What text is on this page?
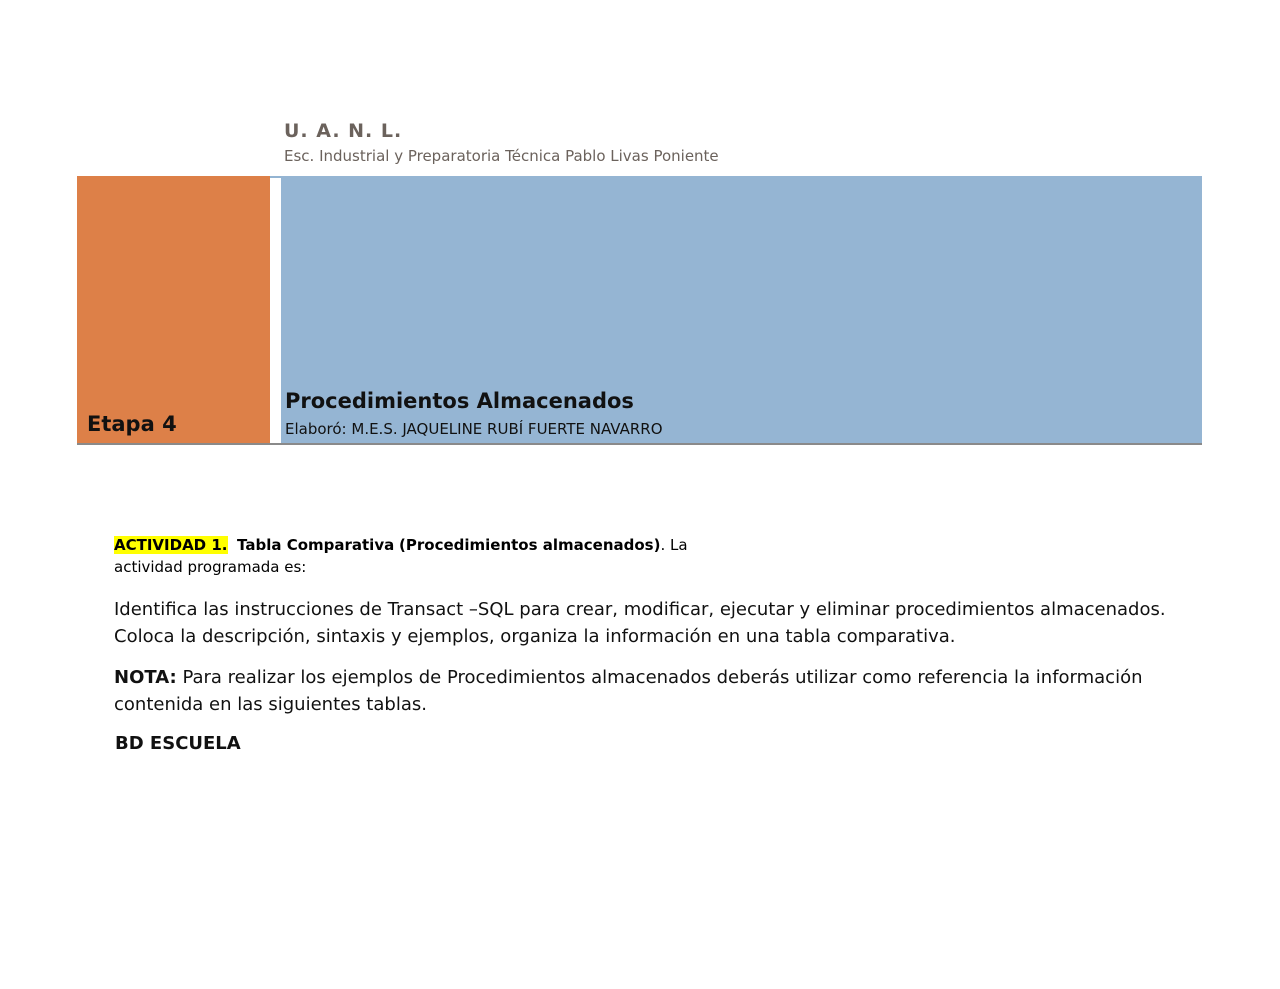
U. A. N. L.
Esc. Industrial y Preparatoria Técnica Pablo Livas Poniente
Etapa 4
Procedimientos Almacenados
Elaboró: M.E.S. JAQUELINE RUBÍ FUERTE NAVARRO
ACTIVIDAD 1. Tabla Comparativa (Procedimientos almacenados). La actividad programada es:
Identifica las instrucciones de Transact –SQL para crear, modificar, ejecutar y eliminar procedimientos almacenados. Coloca la descripción, sintaxis y ejemplos, organiza la información en una tabla comparativa.
NOTA: Para realizar los ejemplos de Procedimientos almacenados deberás utilizar como referencia la información contenida en las siguientes tablas.
BD ESCUELA
